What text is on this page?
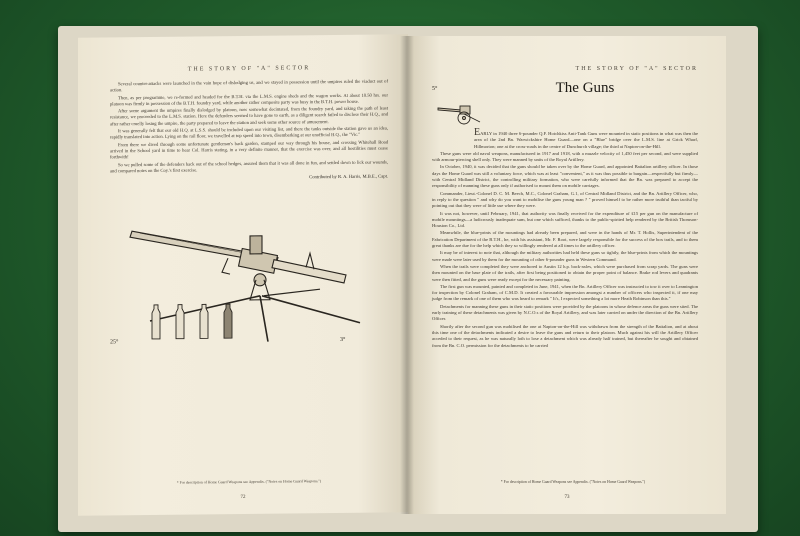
THE STORY OF "A" SECTOR

Several counter-attacks were launched in the vain hope of dislodging us, and we stayed in possession until the umpires ruled the viaduct out of action.

Then, as per programme, we re-formed and headed for the B.T.H. via the L.M.S. engine sheds and the wagon works. At about 10.50 hrs. our platoon was firmly in possession of the B.T.H. foundry yard, while another rather composite party was busy in the B.T.H. power house.

After some argument the umpires finally dislodged by platoon, now somewhat decimated, from the foundry yard, and taking the path of least resistance, we proceeded to the L.M.S. station. Here the defenders seemed to have gone to earth, as a diligent search failed to disclose their H.Q., and after rather cruelly losing the umpire, the party prepared to leave the station and seek some other source of amusement.

It was generally felt that our old H.Q. at L.S.S. should be included upon our visiting list, and there the tanks outside the station gave us an idea, rapidly translated into action. Lying on the rail floor, we travelled at top speed into town, disembarking at our unofficial H.Q., the "Vic."

From there we dived through some unfortunate gentleman's back garden, stamped our way through his house, and crossing Whitehall Road arrived in the School yard in time to hear Col. Harris stating, in a very definite manner, that the exercise was over, and all hostilities must cease forthwith!

So we pulled some of the defenders back out of the school hedges, assured them that it was all done in fun, and settled down to lick our wounds, and compared notes on the Coy.'s first exercise.

Contributed by R. A. Harris, M.B.E., Capt.
25°	3°
* For description of Home Guard Weapons see Appendix. ("Notes on Home Guard Weapons.")
72
THE STORY OF "A" SECTOR
5°	The Guns

EARLY in 1940 three 6-pounder Q.F. Hotchkiss Anti-Tank Guns were mounted in static positions in what was then the area of the 2nd Bn. Warwickshire Home Guard—one on a "Blue" bridge over the L.M.S. line at Grick Wharf, Hillmorton; one at the cross-roads in the centre of Dunchurch village; the third at Napton-on-the-Hill.

These guns were old naval weapons, manufactured in 1917 and 1918, with a muzzle velocity of 1,450 feet per second, and were supplied with armour-piercing shell only. They were manned by units of the Royal Artillery.

In October, 1940, it was decided that the guns should be taken over by the Home Guard, and appointed Battalion artillery officer. In those days the Home Guard was still a voluntary force, which was at least "convenient," as it was thus possible to bargain—respectfully but firmly—with Central Midland District, the controlling military formation, who were carefully informed that the Bn. was prepared to accept the responsibility of manning these guns only if authorised to mount them on mobile carriages.

Commander, Lieut.-Colonel D. C. M. Beech, M.C., Colonel Graham, G.1, of Central Midland District, and the Bn. Artillery Officer, who, in reply to the question " and why do you want to mobilise the guns young man ? " proved himself to be rather more truthful than tactful by pointing out that they were of little use where they were.

It was not, however, until February, 1941, that authority was finally received for the expenditure of £15 per gun on the manufacture of mobile mountings—a ludicrously inadequate sum, but one which sufficed, thanks to the public-spirited help rendered by the British Thomson-Houston Co., Ltd.

Meanwhile, the blue-prints of the mountings had already been prepared, and were in the hands of Mr. T. Hollis, Superintendent of the Fabrication Department of the B.T.H., he, with his assistant, Mr. F. Root, were largely responsible for the success of the box trails, and to them great thanks are due for the help which they so willingly rendered at all times to the artillery officer.

It may be of interest to note that, although the military authorities had held these guns so tightly, the blue-prints from which the mountings were made were later used by them for the mounting of other 6-pounder guns in Western Command.

When the trails were completed they were anchored to Austin 12 h.p. back-axles, which were purchased from scrap yards. The guns were then mounted on the base plate of the trails, after first being positioned to obtain the proper point of balance. Brake rod levers and quadrants were then fitted, and the guns were ready except for the necessary painting.

The first gun was mounted, painted and completed in June, 1941, when the Bn. Artillery Officer was instructed to tow it over to Leamington for inspection by Colonel Graham, of C.M.D. It created a favourable impression amongst a number of officers who inspected it, if one may judge from the remark of one of them who was heard to remark " It's, I expected something a lot more Heath Robinson than this."

Detachments for manning these guns in their static positions were provided by the platoons in whose defence areas the guns were sited. The early training of these detachments was given by N.C.O.s of the Royal Artillery, and was later carried on under the direction of the Bn. Artillery Officer.

Shortly after the second gun was mobilised the one at Napton-on-the-Hill was withdrawn from the strength of the Battalion, and at about this time one of the detachments indicated a desire to leave the guns and return to their platoon. Much against his will the Artillery Officer acceded to their request, as he was naturally loth to lose a detachment which was already half trained, but thereafter he sought and obtained from the Bn. C.O. permission for the detachments to be carried

* For description of Home Guard Weapons see Appendix. ("Notes on Home Guard Weapons.")
73
